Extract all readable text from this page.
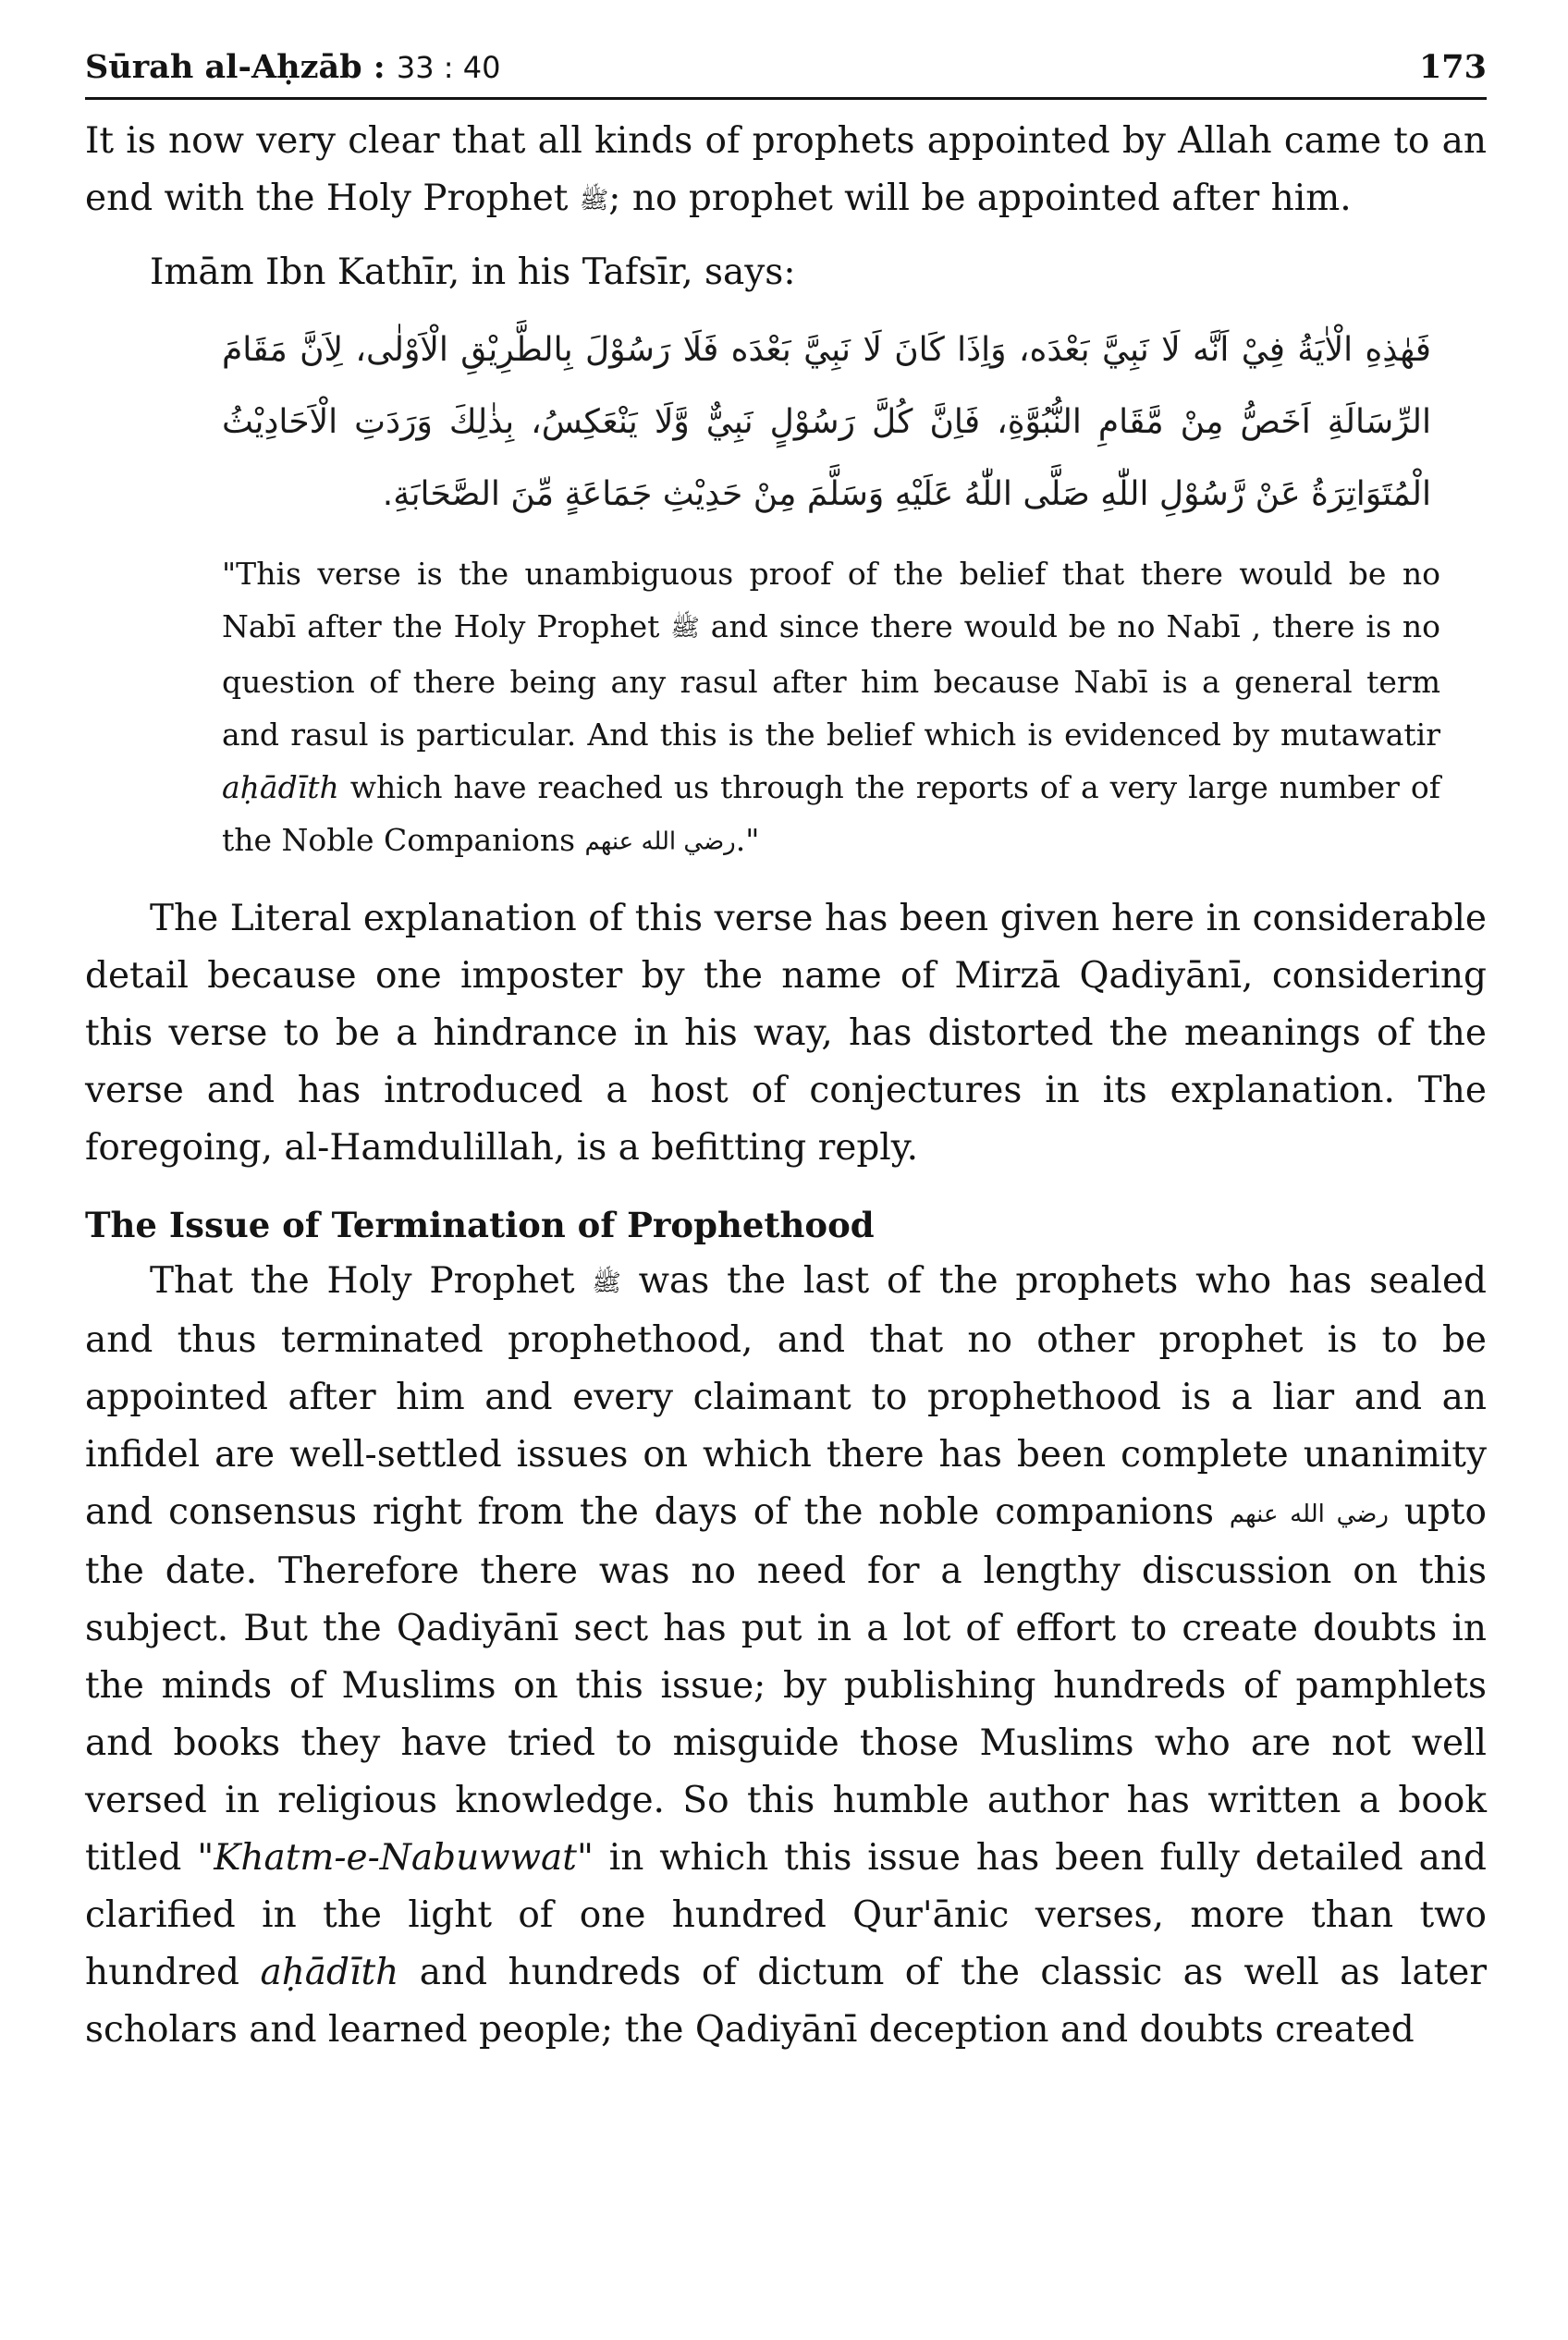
Sūrah al-Aḥzāb : 33 : 40	173

It is now very clear that all kinds of prophets appointed by Allah came to an end with the Holy Prophet ﷺ; no prophet will be appointed after him.

Imām Ibn Kathīr, in his Tafsīr, says:

فَهٰذِهِ الْاٰيَةُ فِيْ اَنَّه لَا نَبِيَّ بَعْدَه، وَاِذَا كَانَ لَا نَبِيَّ بَعْدَه فَلَا رَسُوْلَ بِالطَّرِيْقِ الْاَوْلٰى، لِاَنَّ مَقَامَ الرِّسَالَةِ اَخَصُّ مِنْ مَّقَامِ النُّبُوَّةِ، فَاِنَّ كُلَّ رَسُوْلٍ نَبِيٌّ وَّلَا يَنْعَكِسُ، بِذٰلِكَ وَرَدَتِ الْاَحَادِيْثُ الْمُتَوَاتِرَةُ عَنْ رَّسُوْلِ اللّٰهِ صَلَّى اللّٰهُ عَلَيْهِ وَسَلَّمَ مِنْ حَدِيْثِ جَمَاعَةٍ مِّنَ الصَّحَابَةِ.
"This verse is the unambiguous proof of the belief that there would be no Nabī after the Holy Prophet ﷺ and since there would be no Nabī , there is no question of there being any rasul after him because Nabī is a general term and rasul is particular. And this is the belief which is evidenced by mutawatir aḥādīth which have reached us through the reports of a very large number of the Noble Companions رضي الله عنهم."

The Literal explanation of this verse has been given here in considerable detail because one imposter by the name of Mirzā Qadiyānī, considering this verse to be a hindrance in his way, has distorted the meanings of the verse and has introduced a host of conjectures in its explanation. The foregoing, al-Hamdulillah, is a befitting reply.

The Issue of Termination of Prophethood

That the Holy Prophet ﷺ was the last of the prophets who has sealed and thus terminated prophethood, and that no other prophet is to be appointed after him and every claimant to prophethood is a liar and an infidel are well-settled issues on which there has been complete unanimity and consensus right from the days of the noble companions رضي الله عنهم upto the date. Therefore there was no need for a lengthy discussion on this subject. But the Qadiyānī sect has put in a lot of effort to create doubts in the minds of Muslims on this issue; by publishing hundreds of pamphlets and books they have tried to misguide those Muslims who are not well versed in religious knowledge. So this humble author has written a book titled "Khatm-e-Nabuwwat" in which this issue has been fully detailed and clarified in the light of one hundred Qur'ānic verses, more than two hundred aḥādīth and hundreds of dictum of the classic as well as later scholars and learned people; the Qadiyānī deception and doubts created
